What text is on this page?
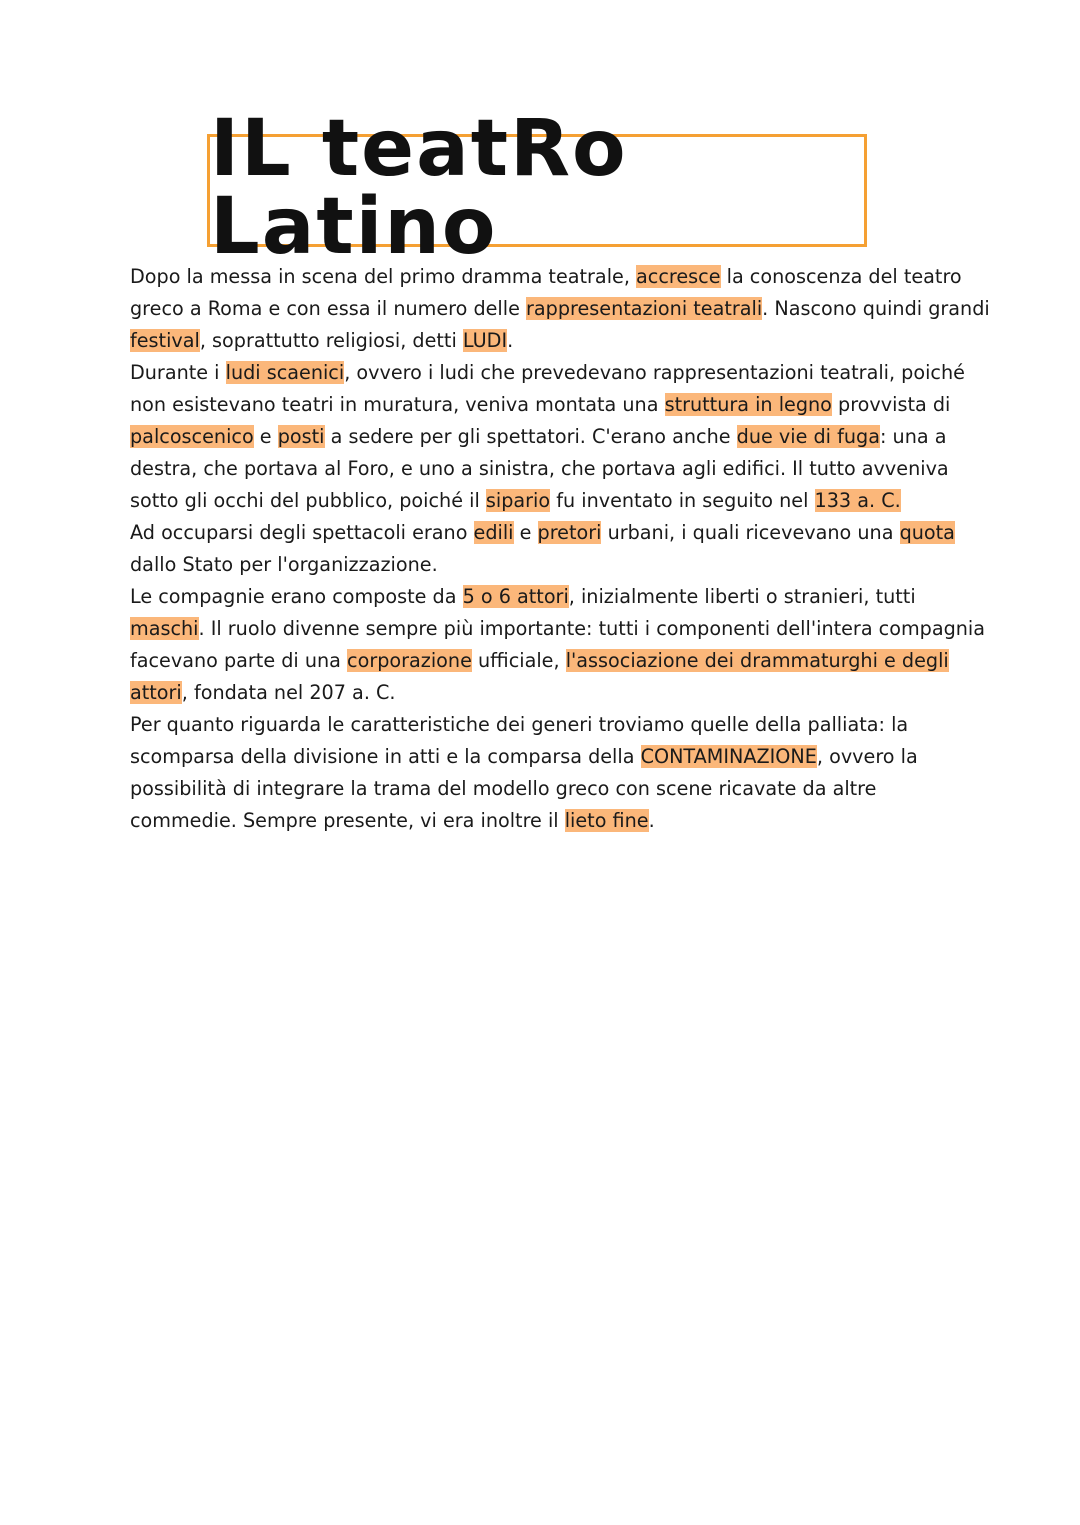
IL teatRo Latino
Dopo la messa in scena del primo dramma teatrale, accresce la conoscenza del teatro
greco a Roma e con essa il numero delle rappresentazioni teatrali. Nascono quindi grandi
festival, soprattutto religiosi, detti LUDI.
Durante i ludi scaenici, ovvero i ludi che prevedevano rappresentazioni teatrali, poiché
non esistevano teatri in muratura, veniva montata una struttura in legno provvista di
palcoscenico e posti a sedere per gli spettatori. C'erano anche due vie di fuga: una a
destra, che portava al Foro, e uno a sinistra, che portava agli edifici. Il tutto avveniva
sotto gli occhi del pubblico, poiché il sipario fu inventato in seguito nel 133 a. C.
Ad occuparsi degli spettacoli erano edili e pretori urbani, i quali ricevevano una quota
dallo Stato per l'organizzazione.
Le compagnie erano composte da 5 o 6 attori, inizialmente liberti o stranieri, tutti
maschi. Il ruolo divenne sempre più importante: tutti i componenti dell'intera compagnia
facevano parte di una corporazione ufficiale, l'associazione dei drammaturghi e degli
attori, fondata nel 207 a. C.
Per quanto riguarda le caratteristiche dei generi troviamo quelle della palliata: la
scomparsa della divisione in atti e la comparsa della CONTAMINAZIONE, ovvero la
possibilità di integrare la trama del modello greco con scene ricavate da altre
commedie. Sempre presente, vi era inoltre il lieto fine.
